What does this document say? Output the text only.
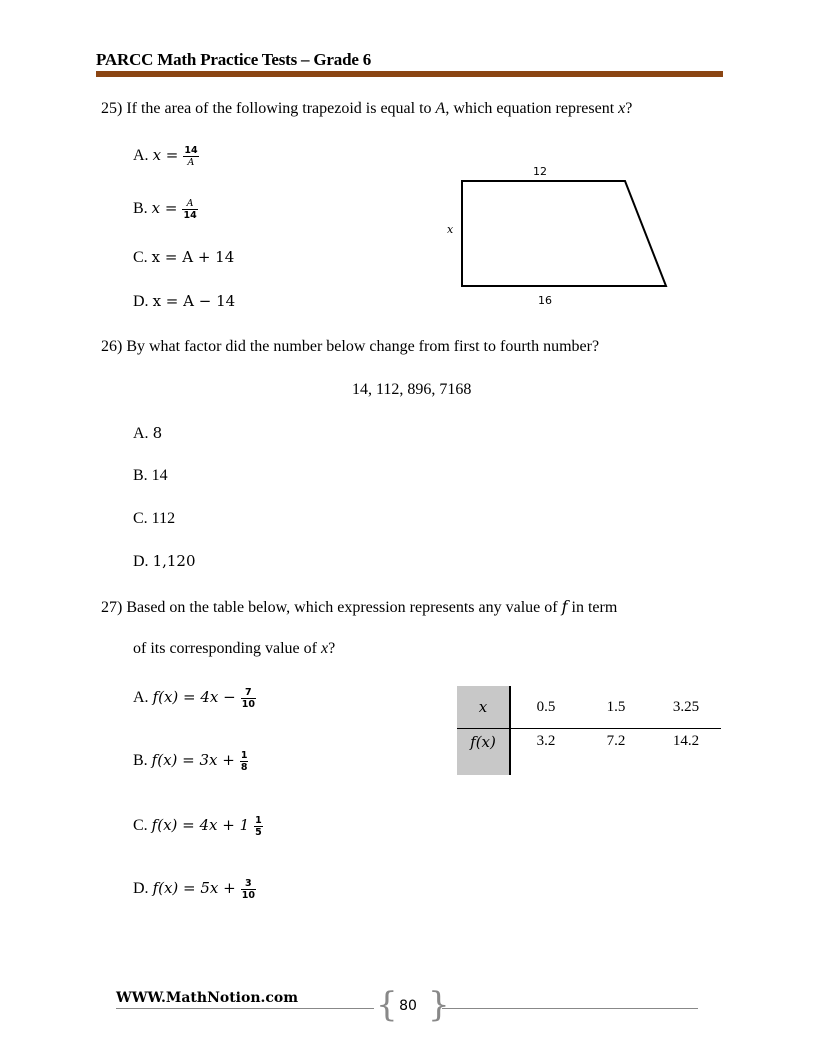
PARCC Math Practice Tests – Grade 6
25) If the area of the following trapezoid is equal to A, which equation represent x?
A. $x = \frac{14}{A}$
B. $x = \frac{A}{14}$
C. x = A + 14
D. x = A − 14
12
x
16
26) By what factor did the number below change from first to fourth number?
14, 112, 896, 7168
A. 8
B. 14
C. 112
D. 1,120
27) Based on the table below, which expression represents any value of f in term
of its corresponding value of x?
A. $f(x) = 4x - \frac{7}{10}$
B. $f(x) = 3x + \frac{1}{8}$
C. $f(x) = 4x + 1 \frac{1}{5}$
D. $f(x) = 5x + \frac{3}{10}$
x	0.5	1.5	3.25
f(x)	3.2	7.2	14.2
WWW.MathNotion.com { }
80
